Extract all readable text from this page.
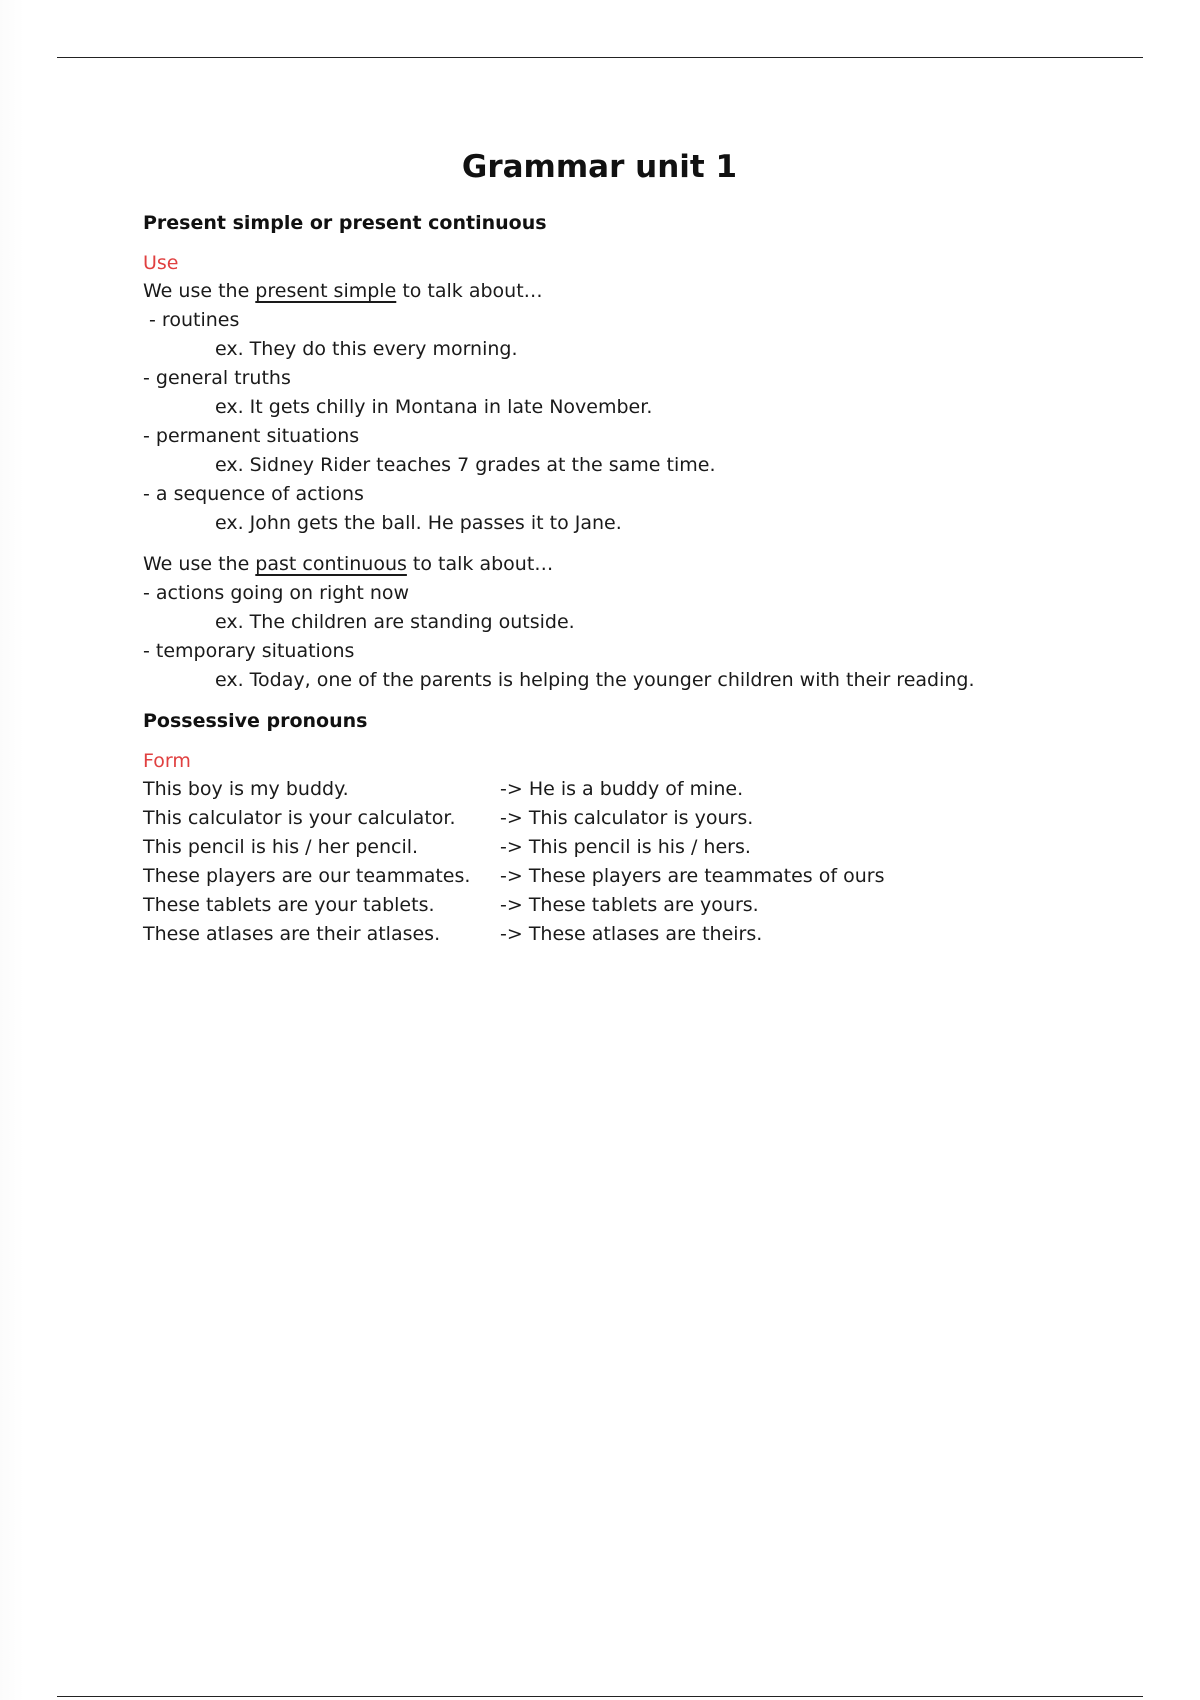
Grammar unit 1
Present simple or present continuous
Use
We use the present simple to talk about…
- routines
ex. They do this every morning.
- general truths
ex. It gets chilly in Montana in late November.
- permanent situations
ex. Sidney Rider teaches 7 grades at the same time.
- a sequence of actions
ex. John gets the ball. He passes it to Jane.
We use the past continuous to talk about…
- actions going on right now
ex. The children are standing outside.
- temporary situations
ex. Today, one of the parents is helping the younger children with their reading.
Possessive pronouns
Form
This boy is my buddy.	-> He is a buddy of mine.
This calculator is your calculator.	-> This calculator is yours.
This pencil is his / her pencil.	-> This pencil is his / hers.
These players are our teammates.	-> These players are teammates of ours
These tablets are your tablets.	-> These tablets are yours.
These atlases are their atlases.	-> These atlases are theirs.
